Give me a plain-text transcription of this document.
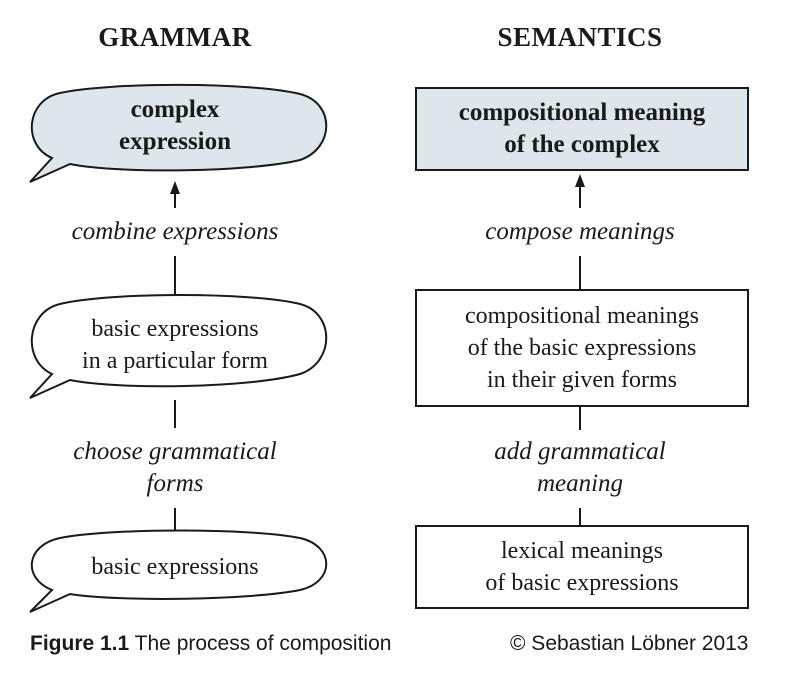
GRAMMAR	SEMANTICS
complex
expression
combine expressions
basic expressions
in a particular form
choose grammatical
forms
basic expressions
compositional meaning
of the complex
compose meanings
compositional meanings
of the basic expressions
in their given forms
add grammatical
meaning
lexical meanings
of basic expressions
Figure 1.1 The process of composition	© Sebastian Löbner 2013
